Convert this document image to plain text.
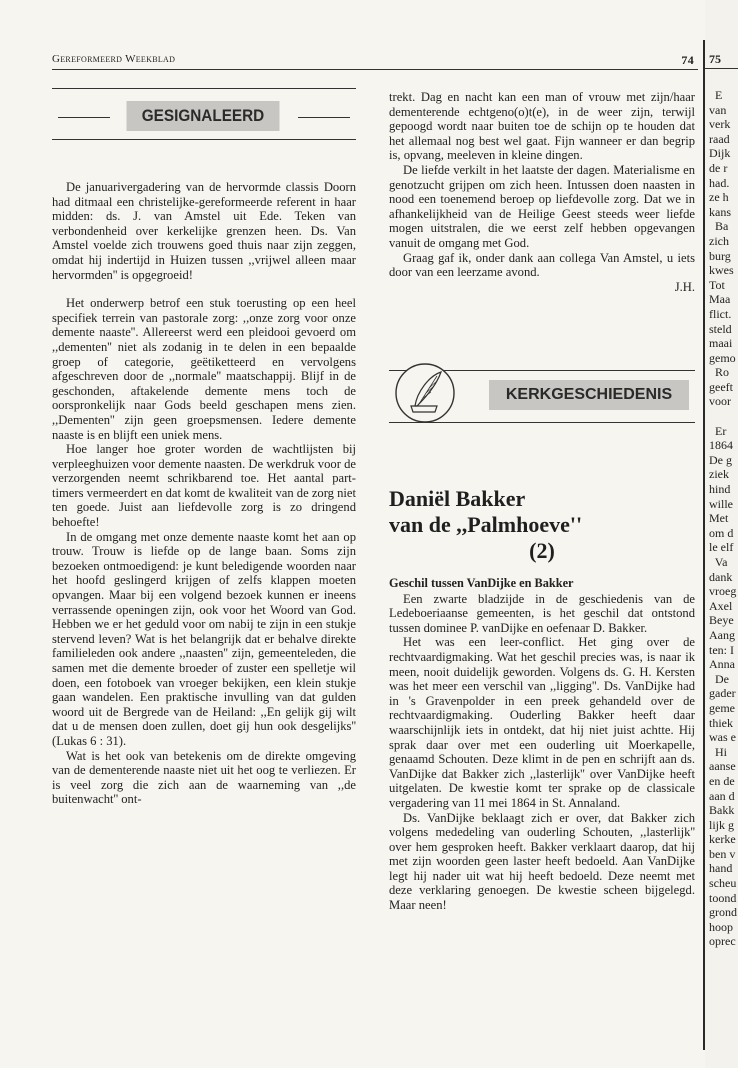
Gereformeerd Weekblad	74
GESIGNALEERD

De januarivergadering van de hervormde classis Doorn had ditmaal een christelijke-gereformeerde referent in haar midden: ds. J. van Amstel uit Ede. Teken van verbondenheid over kerkelijke grenzen heen. Ds. Van Amstel voelde zich trouwens goed thuis naar zijn zeggen, omdat hij indertijd in Huizen tussen ,,vrijwel alleen maar hervormden'' is opgegroeid!

Het onderwerp betrof een stuk toerusting op een heel specifiek terrein van pastorale zorg: ,,onze zorg voor onze demente naaste''. Allereerst werd een pleidooi gevoerd om ,,dementen'' niet als zodanig in te delen in een bepaalde groep of categorie, geëtiketteerd en vervolgens afgeschreven door de ,,normale'' maatschappij. Blijf in de geschonden, aftakelende demente mens toch de oorspronkelijk naar Gods beeld geschapen mens zien. ,,Dementen'' zijn geen groepsmensen. Iedere demente naaste is en blijft een uniek mens.

Hoe langer hoe groter worden de wachtlijsten bij verpleeghuizen voor demente naasten. De werkdruk voor de verzorgenden neemt schrikbarend toe. Het aantal part-timers vermeerdert en dat komt de kwaliteit van de zorg niet ten goede. Juist aan liefdevolle zorg is zo dringend behoefte!

In de omgang met onze demente naaste komt het aan op trouw. Trouw is liefde op de lange baan. Soms zijn bezoeken ontmoedigend: je kunt beledigende woorden naar het hoofd geslingerd krijgen of zelfs klappen moeten opvangen. Maar bij een volgend bezoek kunnen er ineens verrassende openingen zijn, ook voor het Woord van God. Hebben we er het geduld voor om nabij te zijn in een stukje stervend leven? Wat is het belangrijk dat er behalve direkte familieleden ook andere ,,naasten'' zijn, gemeenteleden, die samen met die demente broeder of zuster een spelletje wil doen, een fotoboek van vroeger bekijken, een klein stukje gaan wandelen. Een praktische invulling van dat gulden woord uit de Bergrede van de Heiland: ,,En gelijk gij wilt dat u de mensen doen zullen, doet gij hun ook desgelijks'' (Lukas 6 : 31).

Wat is het ook van betekenis om de direkte omgeving van de dementerende naaste niet uit het oog te verliezen. Er is veel zorg die zich aan de waarneming van ,,de buitenwacht'' ont-

trekt. Dag en nacht kan een man of vrouw met zijn/haar dementerende echtgeno(o)t(e), in de weer zijn, terwijl gepoogd wordt naar buiten toe de schijn op te houden dat het allemaal nog best wel gaat. Fijn wanneer er dan begrip is, opvang, meeleven in kleine dingen.

De liefde verkilt in het laatste der dagen. Materialisme en genotzucht grijpen om zich heen. Intussen doen naasten in nood een toenemend beroep op liefdevolle zorg. Dat we in afhankelijkheid van de Heilige Geest steeds weer liefde mogen uitstralen, die we eerst zelf hebben opgevangen vanuit de omgang met God.

Graag gaf ik, onder dank aan collega Van Amstel, u iets door van een leerzame avond.

J.H.
KERKGESCHIEDENIS
Daniël Bakker
van de ,,Palmhoeve''
(2)

Geschil tussen VanDijke en Bakker

Een zwarte bladzijde in de geschiedenis van de Ledeboeriaanse gemeenten, is het geschil dat ontstond tussen dominee P. vanDijke en oefenaar D. Bakker.

Het was een leer-conflict. Het ging over de rechtvaardigmaking. Wat het geschil precies was, is naar ik meen, nooit duidelijk geworden. Volgens ds. G. H. Kersten was het meer een verschil van ,,ligging''. Ds. VanDijke had in 's Gravenpolder in een preek gehandeld over de rechtvaardigmaking. Ouderling Bakker heeft daar waarschijnlijk iets in ontdekt, dat hij niet juist achtte. Hij sprak daar over met een ouderling uit Moerkapelle, genaamd Schouten. Deze klimt in de pen en schrijft aan ds. VanDijke dat Bakker zich ,,lasterlijk'' over VanDijke heeft uitgelaten. De kwestie komt ter sprake op de classicale vergadering van 11 mei 1864 in St. Annaland.

Ds. VanDijke beklaagt zich er over, dat Bakker zich volgens mededeling van ouderling Schouten, ,,lasterlijk'' over hem gesproken heeft. Bakker verklaart daarop, dat hij met zijn woorden geen laster heeft bedoeld. Aan VanDijke legt hij nader uit wat hij heeft bedoeld. Deze neemt met deze verklaring genoegen. De kwestie scheen bijgelegd. Maar neen!

75
E
van
verk
raad
Dijk
de r
had.
ze h
kans
Ba
zich
burg
kwes
Tot
Maa
flict.
steld
maai
gemo
Ro
geeft
voor

Er
1864
De g
ziek
hind
wille
Met
om d
le elf
Va
dank
vroeg
Axel
Beye
Aang
ten: I
Anna
De
gader
geme
thiek
was e
Hi
aanse
en de
aan d
Bakk
lijk g
kerke
ben v
hand
scheu
toond
grond
hoop
oprec
